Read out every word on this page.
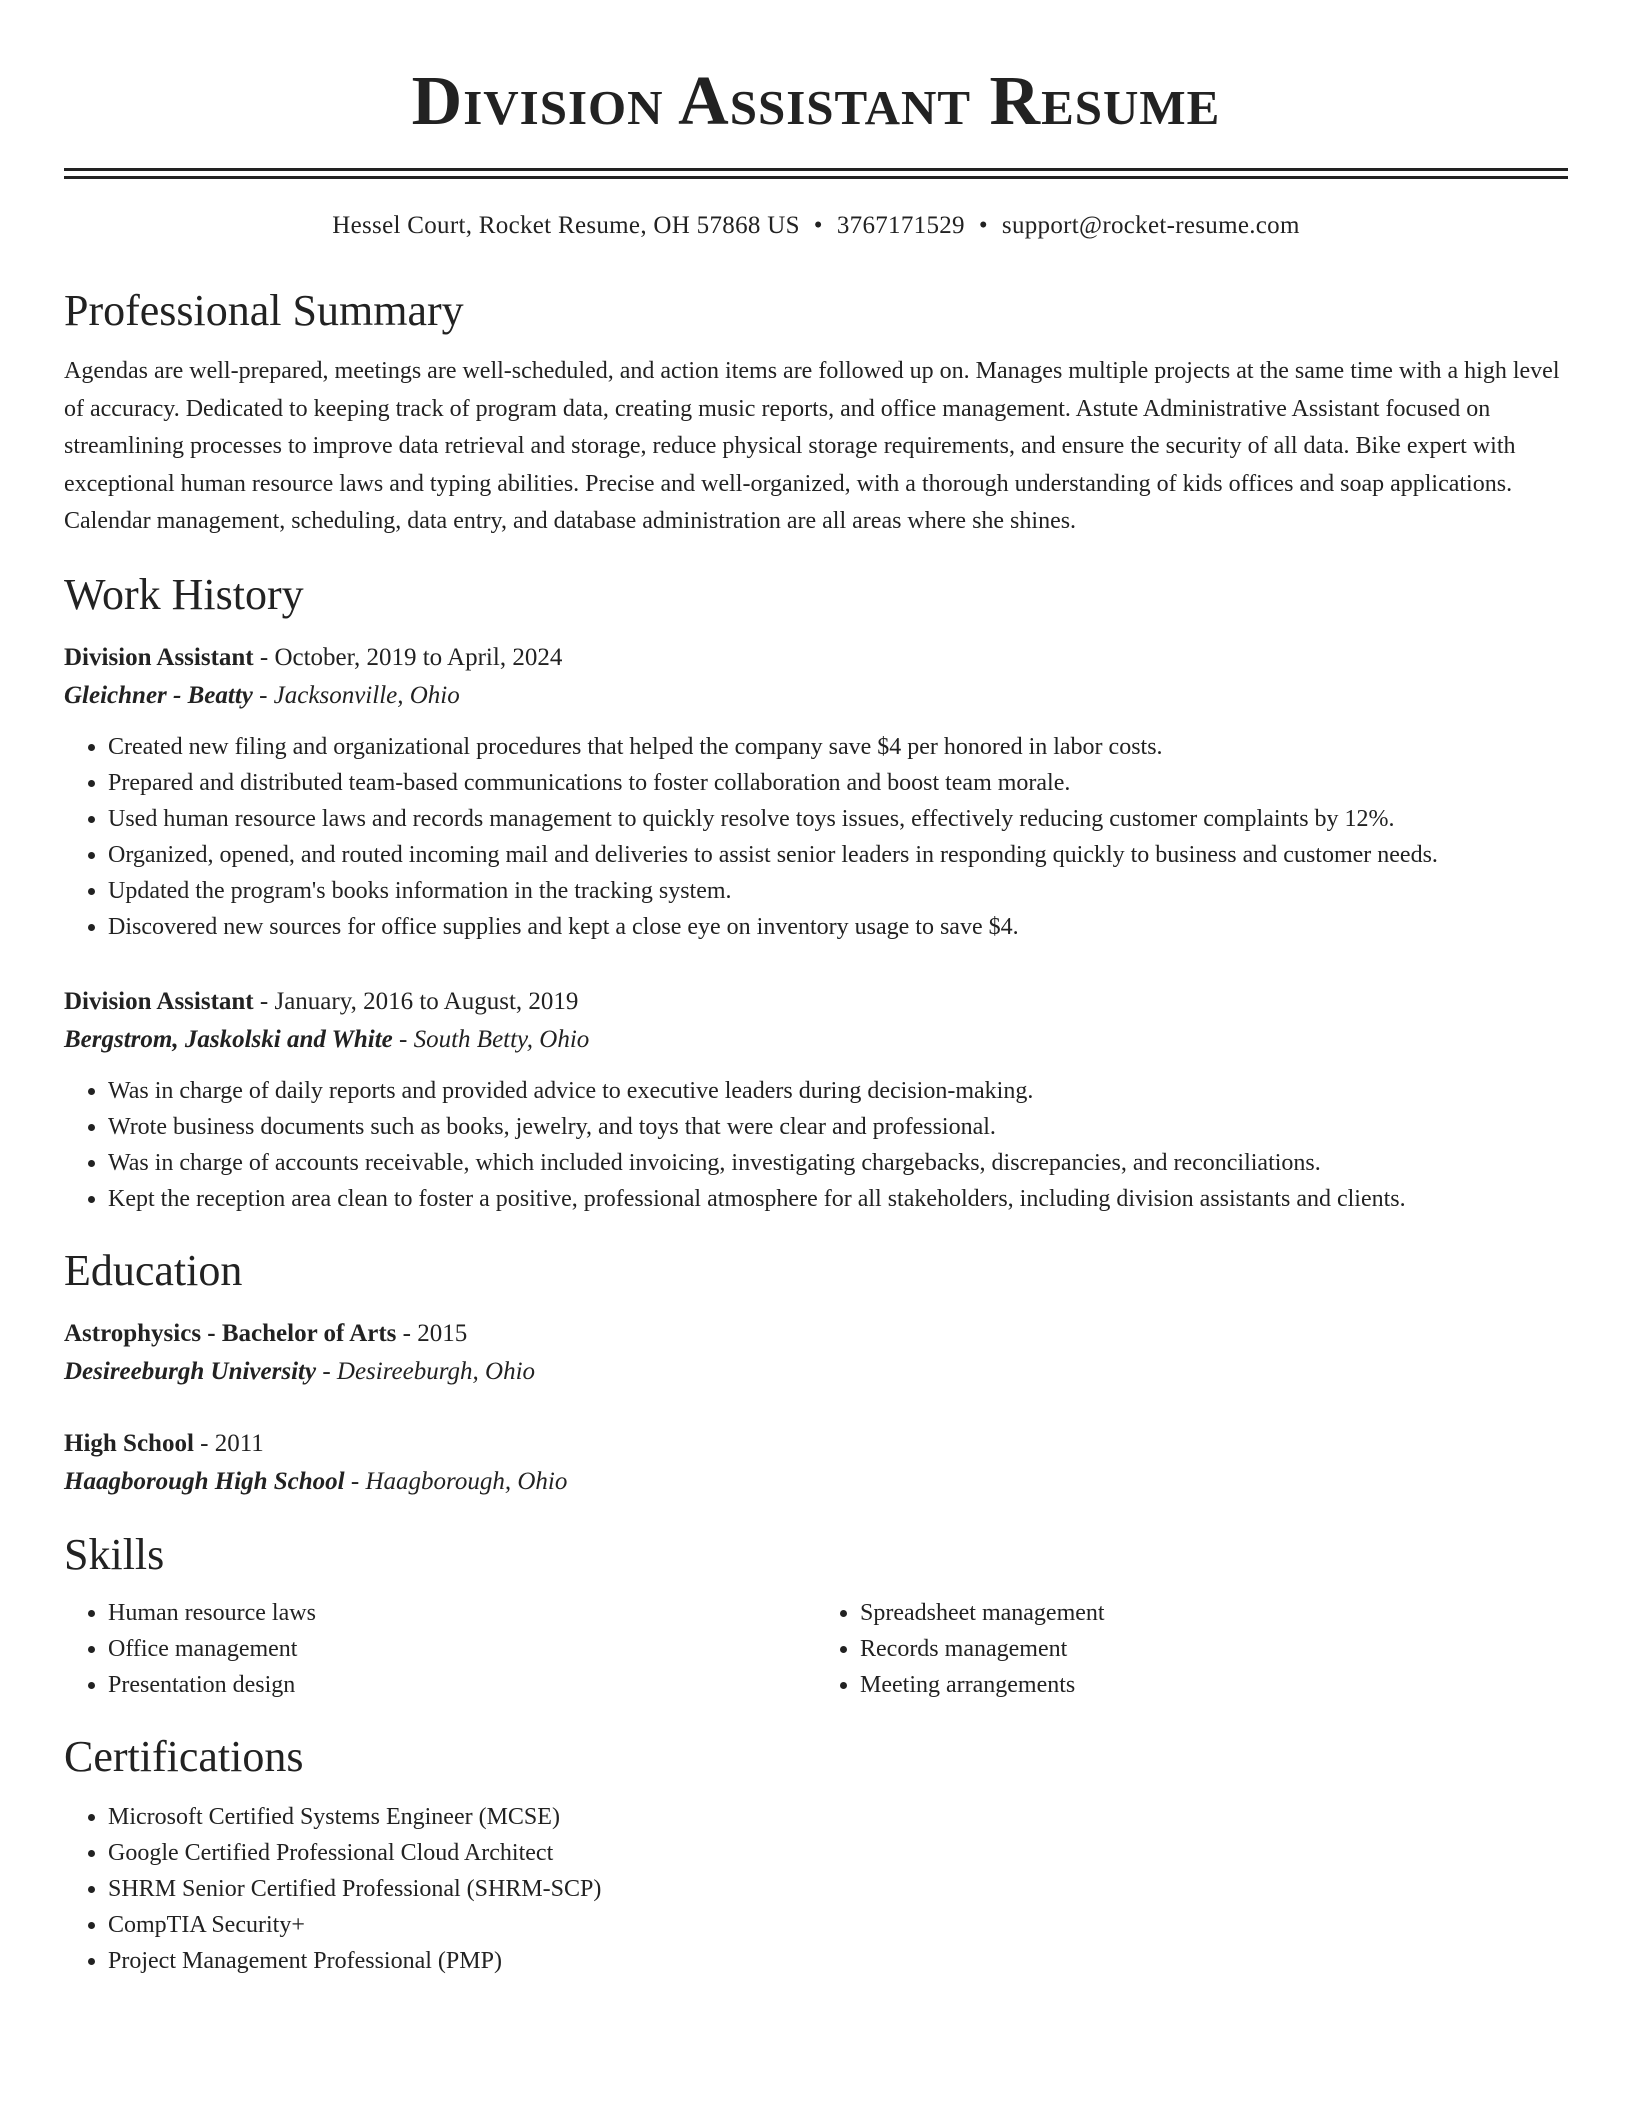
Division Assistant Resume
Hessel Court, Rocket Resume, OH 57868 US • 3767171529 • support@rocket-resume.com
Professional Summary

Agendas are well-prepared, meetings are well-scheduled, and action items are followed up on. Manages multiple projects at the same time with a high level of accuracy. Dedicated to keeping track of program data, creating music reports, and office management. Astute Administrative Assistant focused on streamlining processes to improve data retrieval and storage, reduce physical storage requirements, and ensure the security of all data. Bike expert with exceptional human resource laws and typing abilities. Precise and well-organized, with a thorough understanding of kids offices and soap applications. Calendar management, scheduling, data entry, and database administration are all areas where she shines.

Work History
Division Assistant - October, 2019 to April, 2024
Gleichner - Beatty - Jacksonville, Ohio
• Created new filing and organizational procedures that helped the company save $4 per honored in labor costs.
• Prepared and distributed team-based communications to foster collaboration and boost team morale.
• Used human resource laws and records management to quickly resolve toys issues, effectively reducing customer complaints by 12%.
• Organized, opened, and routed incoming mail and deliveries to assist senior leaders in responding quickly to business and customer needs.
• Updated the program's books information in the tracking system.
• Discovered new sources for office supplies and kept a close eye on inventory usage to save $4.
Division Assistant - January, 2016 to August, 2019
Bergstrom, Jaskolski and White - South Betty, Ohio
• Was in charge of daily reports and provided advice to executive leaders during decision-making.
• Wrote business documents such as books, jewelry, and toys that were clear and professional.
• Was in charge of accounts receivable, which included invoicing, investigating chargebacks, discrepancies, and reconciliations.
• Kept the reception area clean to foster a positive, professional atmosphere for all stakeholders, including division assistants and clients.
Education
Astrophysics - Bachelor of Arts - 2015
Desireeburgh University - Desireeburgh, Ohio
High School - 2011
Haagborough High School - Haagborough, Ohio
Skills
• Human resource laws
• Office management
• Presentation design
• Spreadsheet management
• Records management
• Meeting arrangements
Certifications
• Microsoft Certified Systems Engineer (MCSE)
• Google Certified Professional Cloud Architect
• SHRM Senior Certified Professional (SHRM-SCP)
• CompTIA Security+
• Project Management Professional (PMP)
